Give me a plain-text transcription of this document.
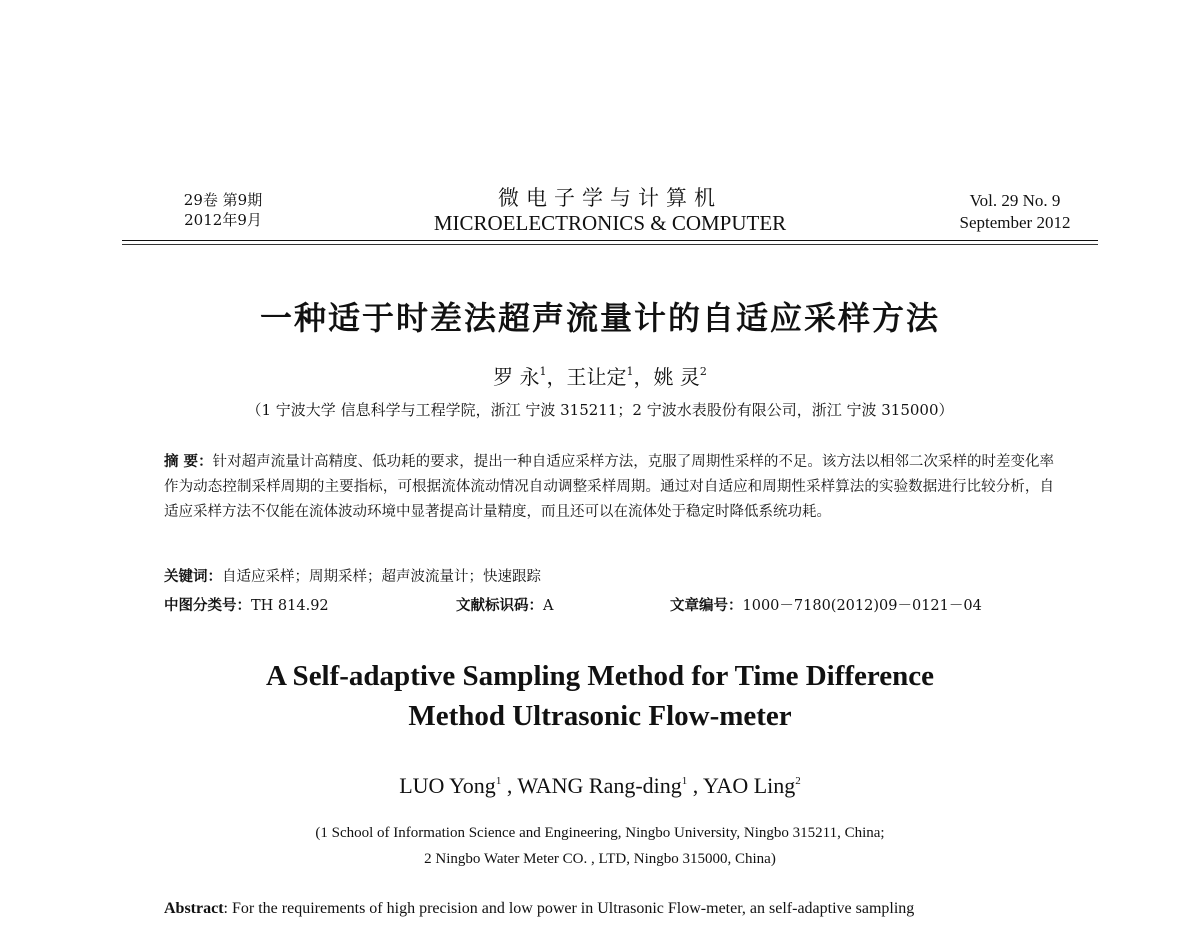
29卷 第9期
2012年9月
微电子学与计算机
MICROELECTRONICS & COMPUTER
Vol. 29 No. 9
September 2012
一种适于时差法超声流量计的自适应采样方法
罗 永$^1$，王让定$^1$，姚 灵$^2$
（1 宁波大学 信息科学与工程学院，浙江 宁波 315211；2 宁波水表股份有限公司，浙江 宁波 315000）
摘 要：针对超声流量计高精度、低功耗的要求，提出一种自适应采样方法，克服了周期性采样的不足。该方法以相邻二次采样的时差变化率作为动态控制采样周期的主要指标，可根据流体流动情况自动调整采样周期。通过对自适应和周期性采样算法的实验数据进行比较分析，自适应采样方法不仅能在流体波动环境中显著提高计量精度，而且还可以在流体处于稳定时降低系统功耗。
关键词：自适应采样；周期采样；超声波流量计；快速跟踪
中图分类号：TH 814.92	文献标识码：A	文章编号：1000－7180(2012)09－0121－04
A Self-adaptive Sampling Method for Time Difference
Method Ultrasonic Flow-meter
LUO Yong$^1$ , WANG Rang-ding$^1$ , YAO Ling$^2$
(1 School of Information Science and Engineering, Ningbo University, Ningbo 315211, China;
2 Ningbo Water Meter CO. , LTD, Ningbo 315000, China)
Abstract: For the requirements of high precision and low power in Ultrasonic Flow-meter, an self-adaptive sampling
